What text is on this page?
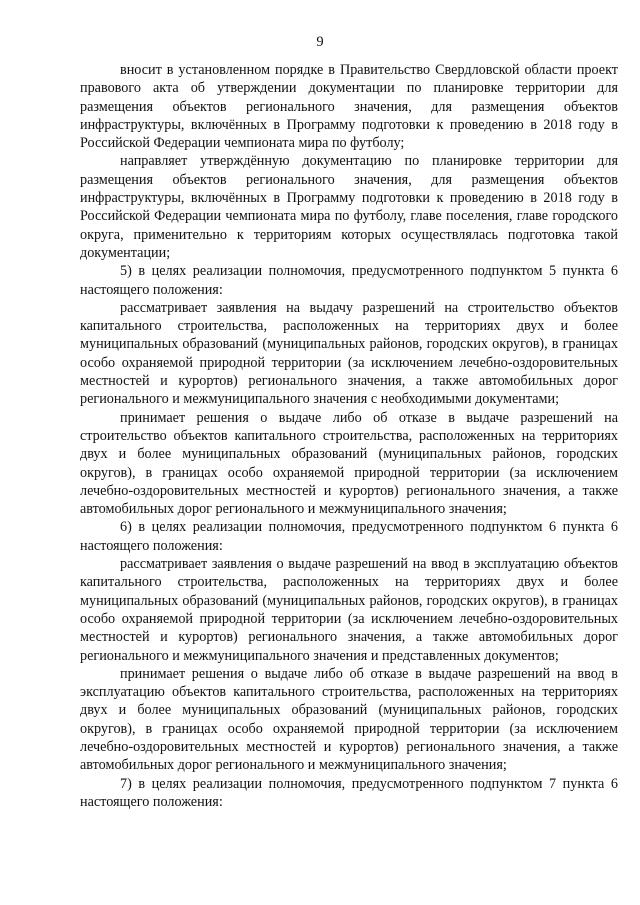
9

вносит в установленном порядке в Правительство Свердловской области проект правового акта об утверждении документации по планировке территории для размещения объектов регионального значения, для размещения объектов инфраструктуры, включённых в Программу подготовки к проведению в 2018 году в Российской Федерации чемпионата мира по футболу;

направляет утверждённую документацию по планировке территории для размещения объектов регионального значения, для размещения объектов инфраструктуры, включённых в Программу подготовки к проведению в 2018 году в Российской Федерации чемпионата мира по футболу, главе поселения, главе городского округа, применительно к территориям которых осуществлялась подготовка такой документации;

5) в целях реализации полномочия, предусмотренного подпунктом 5 пункта 6 настоящего положения:

рассматривает заявления на выдачу разрешений на строительство объектов капитального строительства, расположенных на территориях двух и более муниципальных образований (муниципальных районов, городских округов), в границах особо охраняемой природной территории (за исключением лечебно-оздоровительных местностей и курортов) регионального значения, а также автомобильных дорог регионального и межмуниципального значения с необходимыми документами;

принимает решения о выдаче либо об отказе в выдаче разрешений на строительство объектов капитального строительства, расположенных на территориях двух и более муниципальных образований (муниципальных районов, городских округов), в границах особо охраняемой природной территории (за исключением лечебно-оздоровительных местностей и курортов) регионального значения, а также автомобильных дорог регионального и межмуниципального значения;

6) в целях реализации полномочия, предусмотренного подпунктом 6 пункта 6 настоящего положения:

рассматривает заявления о выдаче разрешений на ввод в эксплуатацию объектов капитального строительства, расположенных на территориях двух и более муниципальных образований (муниципальных районов, городских округов), в границах особо охраняемой природной территории (за исключением лечебно-оздоровительных местностей и курортов) регионального значения, а также автомобильных дорог регионального и межмуниципального значения и представленных документов;

принимает решения о выдаче либо об отказе в выдаче разрешений на ввод в эксплуатацию объектов капитального строительства, расположенных на территориях двух и более муниципальных образований (муниципальных районов, городских округов), в границах особо охраняемой природной территории (за исключением лечебно-оздоровительных местностей и курортов) регионального значения, а также автомобильных дорог регионального и межмуниципального значения;

7) в целях реализации полномочия, предусмотренного подпунктом 7 пункта 6 настоящего положения:
